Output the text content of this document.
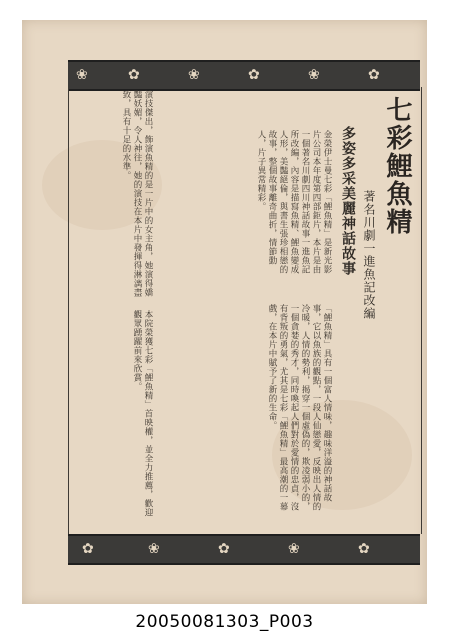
❀	✿	❀	✿	❀	✿
七彩鯉魚精
多姿多采美麗神話故事 著名川劇一進魚記改編
金榮伊士曼七彩「鯉魚精」是新光影片公司本年度第四部鉅片，本片是由一個著名川劇四川神話故事一進魚記所改編，內容是描寫魚精、鯉魚變成人形，美豔絕倫，與書生張珍相戀的故事，整個故事離奇曲折，情節動人，片子異常精彩。
「鯉魚精」具有一個富人情味，趣味洋溢的神話故事，它以魚族的觀點，一段人仙戀愛，反映出人情的冷暖，人情的勢利，揭穿一個虛偽的，欺凌弱小的，一個貪婪的秀才，同時喚起人們對於愛情的忠貞，沒有背叛的勇氣，尤其是七彩「鯉魚精」最高潮的一幕戲，在本片中賦予了新的生命。
演技傑出，飾演魚精的是一片中的女主角，她演得嬌豔妖媚，令人神往，她的演技在本片中發揮得淋漓盡致，具有十足的水準。
本院榮獲七彩「鯉魚精」首映權，並全力推薦，歡迎觀眾踴躍前來欣賞。
✿	❀	✿	❀	✿
20050081303_P003
